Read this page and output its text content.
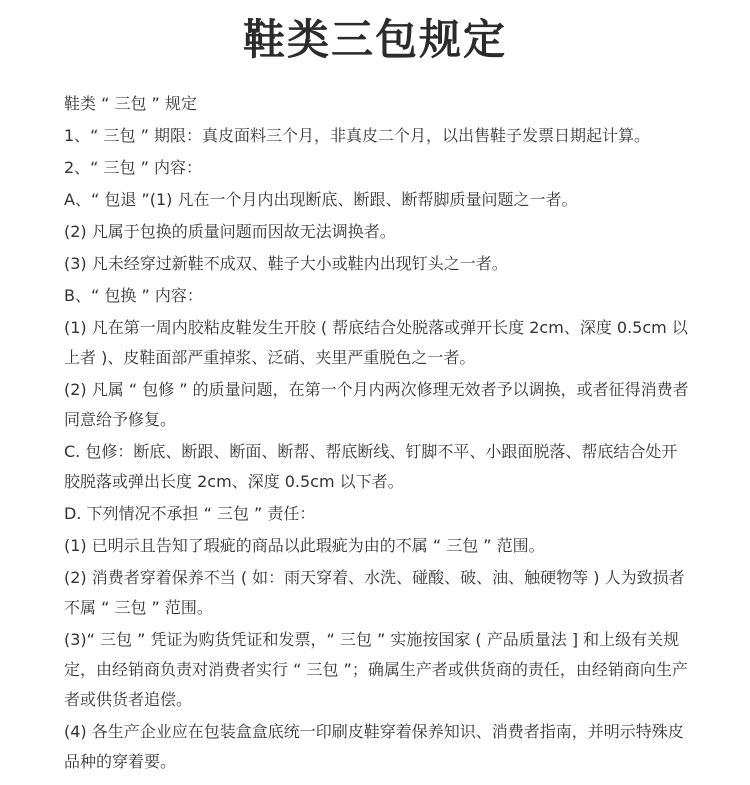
鞋类三包规定

鞋类 “ 三包 ” 规定

1、“ 三包 ” 期限：真皮面料三个月，非真皮二个月，以出售鞋子发票日期起计算。

2、“ 三包 ” 内容：

A、“ 包退 ”(1) 凡在一个月内出现断底、断跟、断帮脚质量问题之一者。

(2) 凡属于包换的质量问题而因故无法调换者。

(3) 凡未经穿过新鞋不成双、鞋子大小或鞋内出现钉头之一者。

B、“ 包换 ” 内容：

(1) 凡在第一周内胶粘皮鞋发生开胶 ( 帮底结合处脱落或弹开长度 2cm、深度 0.5cm 以上者 )、皮鞋面部严重掉浆、泛硝、夹里严重脱色之一者。

(2) 凡属 “ 包修 ” 的质量问题，在第一个月内两次修理无效者予以调换，或者征得消费者同意给予修复。

C. 包修：断底、断跟、断面、断帮、帮底断线、钉脚不平、小跟面脱落、帮底结合处开胶脱落或弹出长度 2cm、深度 0.5cm 以下者。

D. 下列情况不承担 “ 三包 ” 责任：

(1) 已明示且告知了瑕疵的商品以此瑕疵为由的不属 “ 三包 ” 范围。

(2) 消费者穿着保养不当 ( 如：雨天穿着、水洗、碰酸、破、油、触硬物等 ) 人为致损者不属 “ 三包 ” 范围。

(3)“ 三包 ” 凭证为购货凭证和发票，“ 三包 ” 实施按国家 ( 产品质量法 ] 和上级有关规定，由经销商负责对消费者实行 “ 三包 ”；确属生产者或供货商的责任，由经销商向生产者或供货者追偿。

(4) 各生产企业应在包装盒盒底统一印刷皮鞋穿着保养知识、消费者指南，并明示特殊皮品种的穿着要。
